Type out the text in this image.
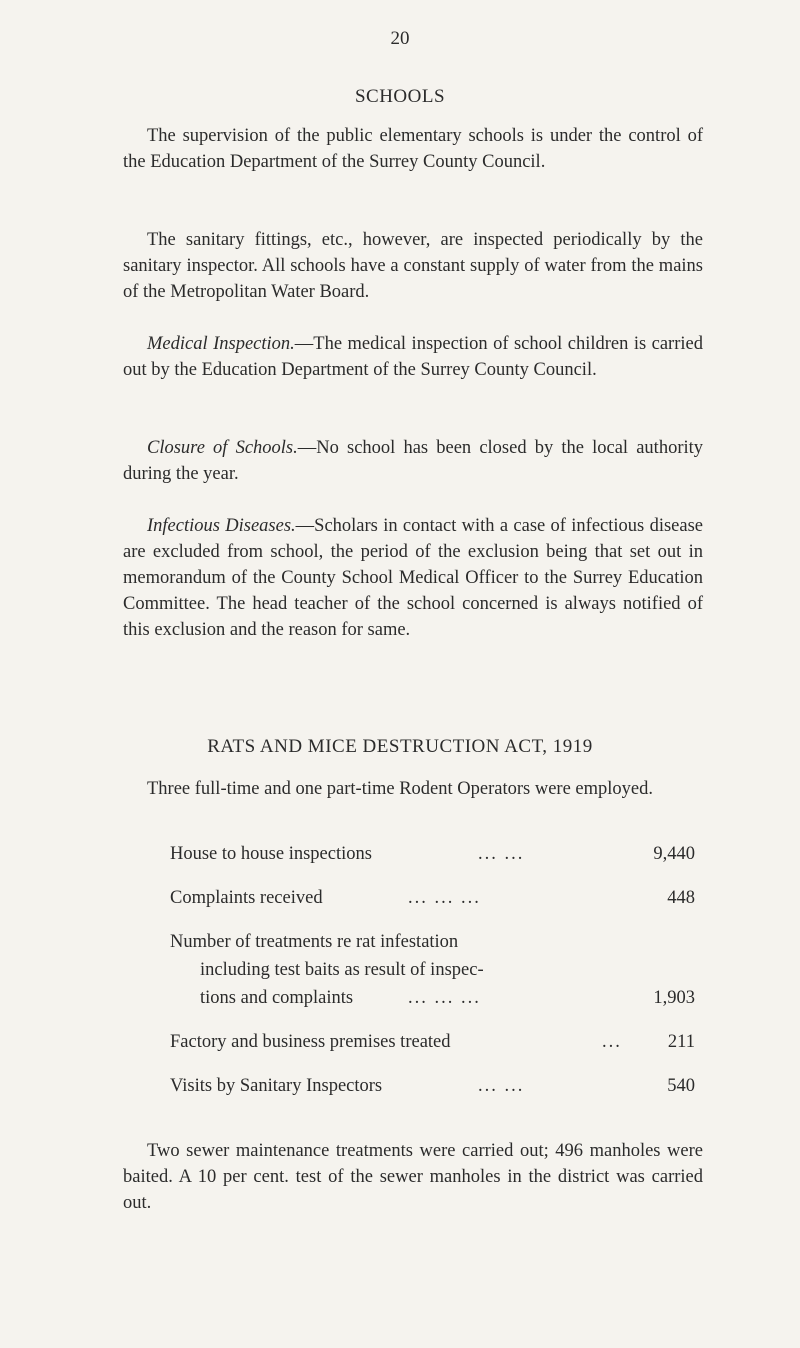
20
SCHOOLS

The supervision of the public elementary schools is under the control of the Education Department of the Surrey County Council.

The sanitary fittings, etc., however, are inspected periodically by the sanitary inspector. All schools have a constant supply of water from the mains of the Metropolitan Water Board.

Medical Inspection.—The medical inspection of school children is carried out by the Education Department of the Surrey County Council.

Closure of Schools.—No school has been closed by the local authority during the year.

Infectious Diseases.—Scholars in contact with a case of infectious disease are excluded from school, the period of the exclusion being that set out in memorandum of the County School Medical Officer to the Surrey Education Committee. The head teacher of the school concerned is always notified of this exclusion and the reason for same.

RATS AND MICE DESTRUCTION ACT, 1919

Three full-time and one part-time Rodent Operators were employed.

House to house inspections	... ...	9,440
Complaints received	... ... ...	448
Number of treatments re rat infestation
including test baits as result of inspec-
tions and complaints	... ... ...	1,903
Factory and business premises treated	... 211
Visits by Sanitary Inspectors	... ...	540

Two sewer maintenance treatments were carried out; 496 manholes were baited. A 10 per cent. test of the sewer manholes in the district was carried out.
